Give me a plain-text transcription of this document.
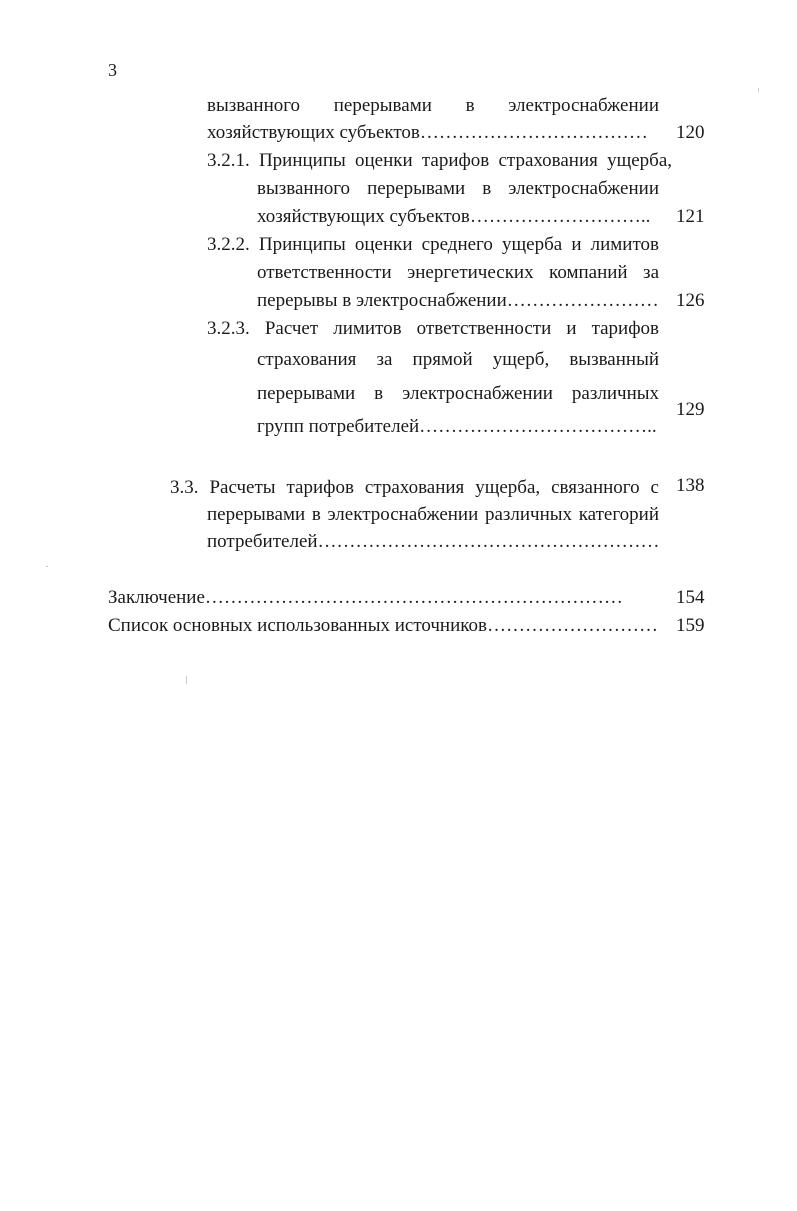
3
вызванного перерывами в электроснабжении
хозяйствующих субъектов……………………………… 120
3.2.1. Принципы оценки тарифов страхования ущерба,
вызванного перерывами в электроснабжении
хозяйствующих субъектов……………………….. 121
3.2.2. Принципы оценки среднего ущерба и лимитов
ответственности энергетических компаний за
перерывы в электроснабжении…………………… 126
3.2.3. Расчет лимитов ответственности и тарифов
страхования за прямой ущерб, вызванный
перерывами в электроснабжении различных
групп потребителей………………………………..
129
3.3. Расчеты тарифов страхования ущерба, связанного с 138
перерывами в электроснабжении различных категорий
потребителей………………………………………………
Заключение…………………………………………………………	154
Список основных использованных источников……………………… 159
